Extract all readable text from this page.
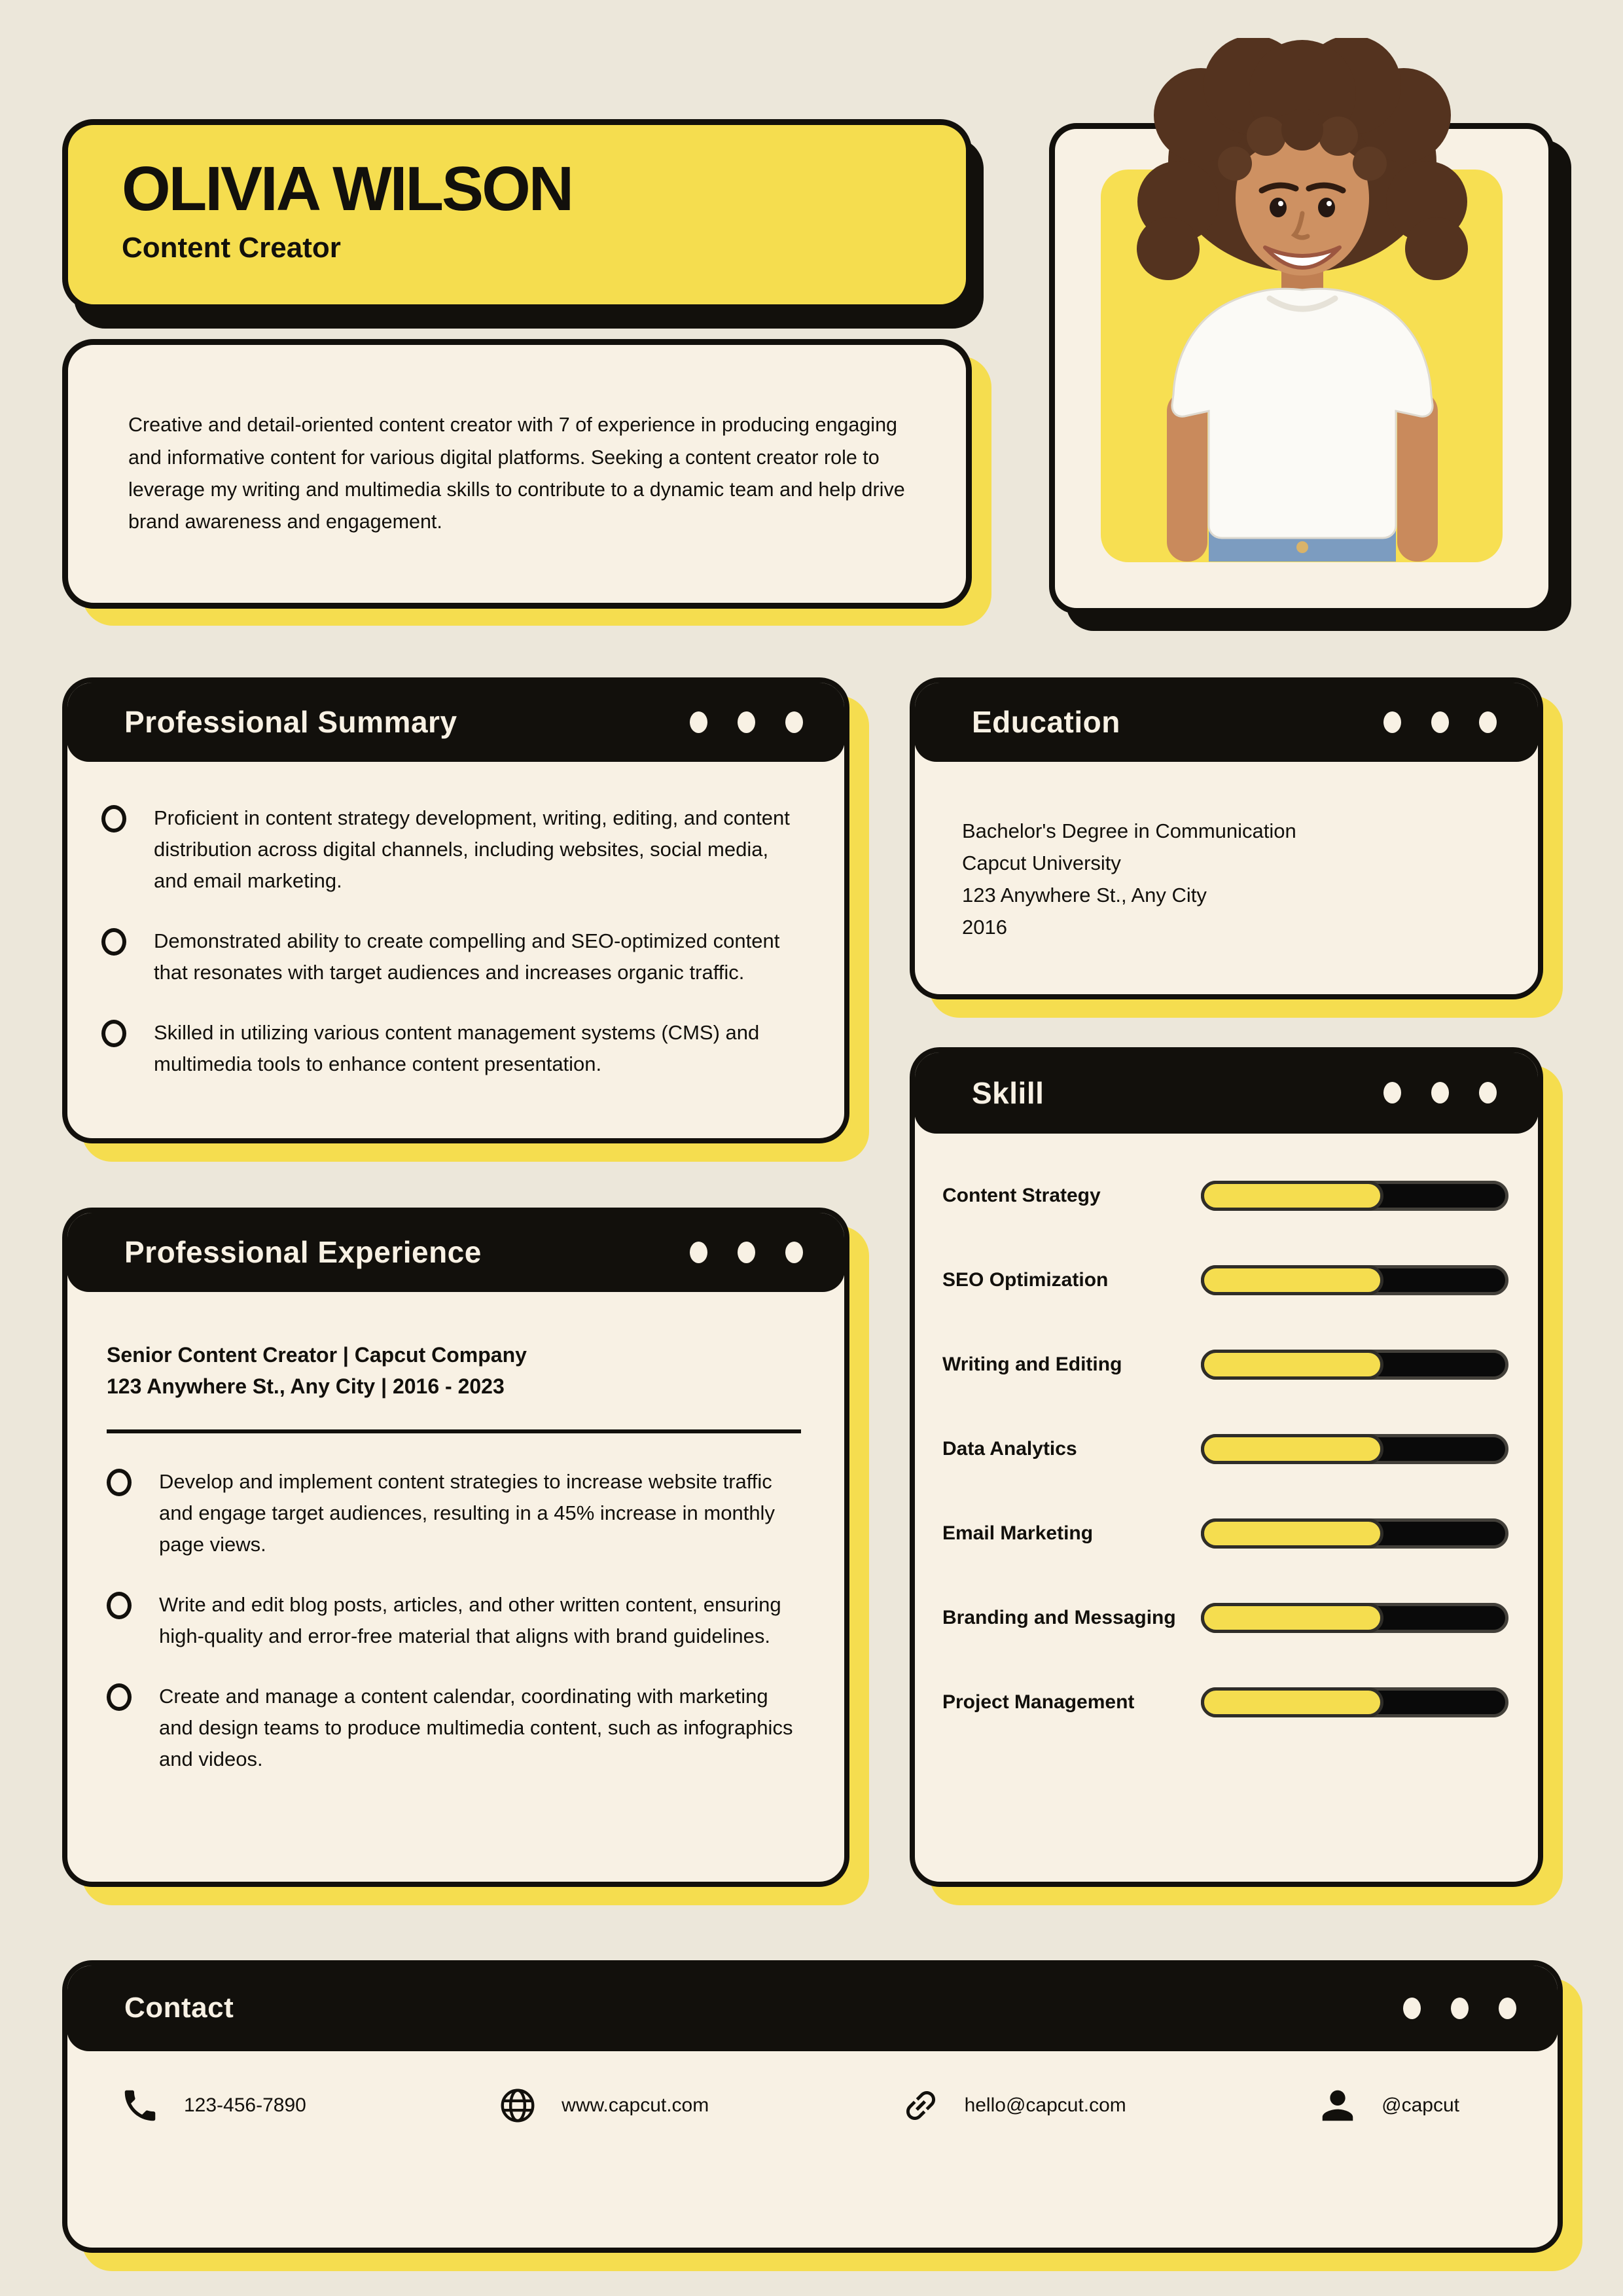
OLIVIA WILSON
Content Creator

Creative and detail-oriented content creator with 7 of experience in producing engaging and informative content for various digital platforms. Seeking a content creator role to leverage my writing and multimedia skills to contribute to a dynamic team and help drive brand awareness and engagement.

Professional Summary
Proficient in content strategy development, writing, editing, and content distribution across digital channels, including websites, social media, and email marketing.
Demonstrated ability to create compelling and SEO-optimized content that resonates with target audiences and increases organic traffic.
Skilled in utilizing various content management systems (CMS) and multimedia tools to enhance content presentation.
Professional Experience
Senior Content Creator | Capcut Company
123 Anywhere St., Any City | 2016 - 2023
Develop and implement content strategies to increase website traffic and engage target audiences, resulting in a 45% increase in monthly page views.
Write and edit blog posts, articles, and other written content, ensuring high-quality and error-free material that aligns with brand guidelines.
Create and manage a content calendar, coordinating with marketing and design teams to produce multimedia content, such as infographics and videos.
Education
Bachelor's Degree in Communication
Capcut University
123 Anywhere St., Any City
2016
Sklill
Content Strategy
SEO Optimization
Writing and Editing
Data Analytics
Email Marketing
Branding and Messaging
Project Management
Contact
123-456-7890	www.capcut.com	hello@capcut.com	@capcut
